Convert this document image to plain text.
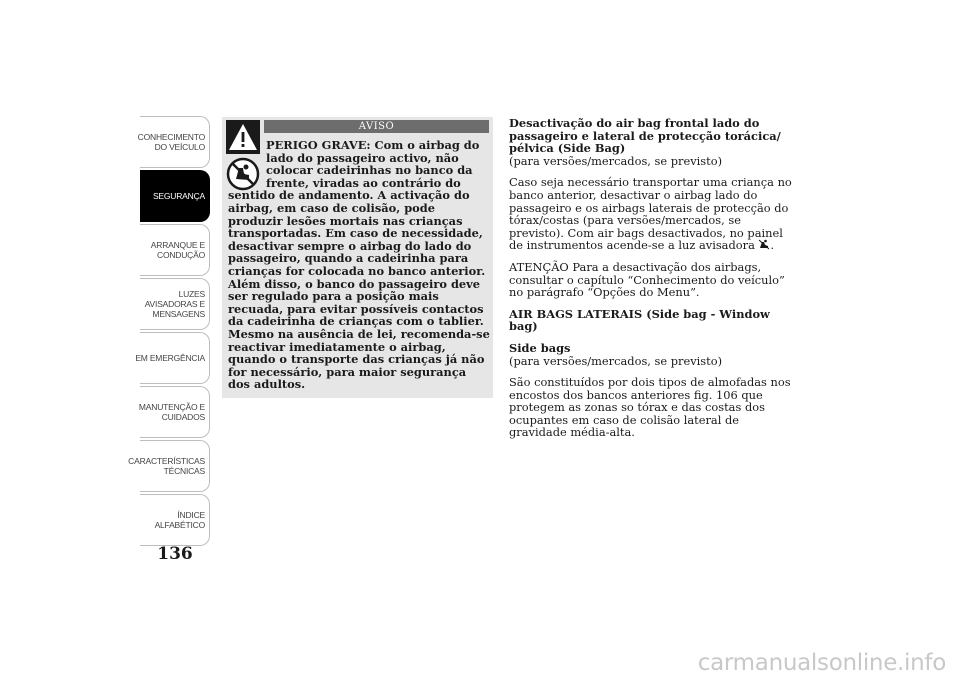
CONHECIMENTO
DO VEÍCULO
SEGURANÇA
ARRANQUE E
CONDUÇÃO
LUZES
AVISADORAS E
MENSAGENS
EM EMERGÊNCIA
MANUTENÇÃO E
CUIDADOS
CARACTERÍSTICAS
TÉCNICAS
ÍNDICE
ALFABÉTICO
136
AVISO

PERIGO GRAVE: Com o airbag do lado do passageiro activo, não colocar cadeirinhas no banco da frente, viradas ao contrário do sentido de andamento. A activação do airbag, em caso de colisão, pode produzir lesões mortais nas crianças transportadas. Em caso de necessidade, desactivar sempre o airbag do lado do passageiro, quando a cadeirinha para crianças for colocada no banco anterior. Além disso, o banco do passageiro deve ser regulado para a posição mais recuada, para evitar possíveis contactos da cadeirinha de crianças com o tablier. Mesmo na ausência de lei, recomenda-se reactivar imediatamente o airbag, quando o transporte das crianças já não for necessário, para maior segurança dos adultos.

Desactivação do air bag frontal lado do passageiro e lateral de protecção torácica/ pélvica (Side Bag)

(para versões/mercados, se previsto)

Caso seja necessário transportar uma criança no banco anterior, desactivar o airbag lado do passageiro e os airbags laterais de protecção do tórax/costas (para versões/mercados, se previsto). Com air bags desactivados, no painel de instrumentos acende-se a luz avisadora .

ATENÇÃO Para a desactivação dos airbags, consultar o capítulo “Conhecimento do veículo” no parágrafo “Opções do Menu”.

AIR BAGS LATERAIS (Side bag - Window bag)

Side bags

(para versões/mercados, se previsto)

São constituídos por dois tipos de almofadas nos encostos dos bancos anteriores fig. 106 que protegem as zonas so tórax e das costas dos ocupantes em caso de colisão lateral de gravidade média-alta.

carmanualsonline.info
